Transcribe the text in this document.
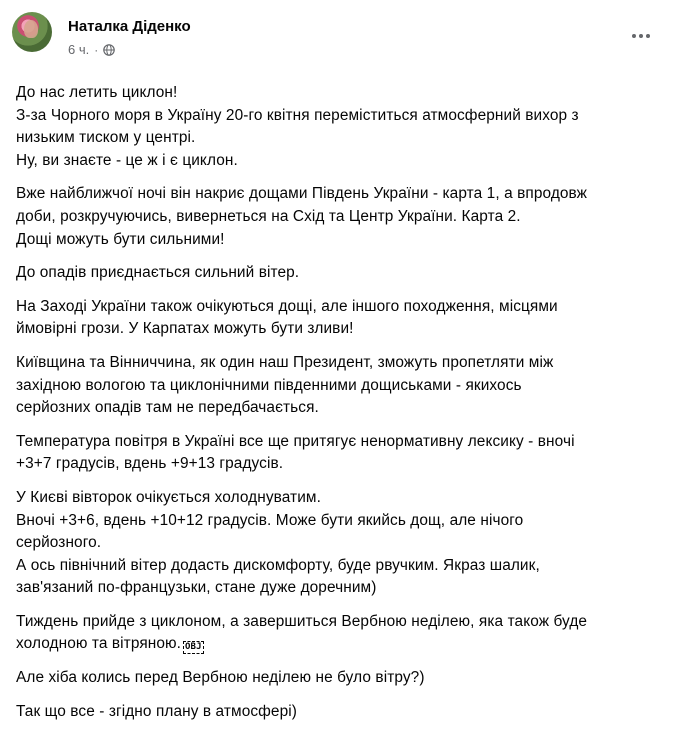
Наталка Діденко
6 ч. ·
До нас летить циклон!
З-за Чорного моря в Україну 20-го квітня переміститься атмосферний вихор з
низьким тиском у центрі.
Ну, ви знаєте - це ж і є циклон.
Вже найближчої ночі він накриє дощами Південь України - карта 1, а впродовж
доби, розкручуючись, вивернеться на Схід та Центр України. Карта 2.
Дощі можуть бути сильними!
До опадів приєднається сильний вітер.
На Заході України також очікуються дощі, але іншого походження, місцями
ймовірні грози. У Карпатах можуть бути зливи!
Київщина та Вінниччина, як один наш Президент, зможуть пропетляти між
західною вологою та циклонічними південними дощиськами - якихось
серйозних опадів там не передбачається.
Температура повітря в Україні все ще притягує ненормативну лексику - вночі
+3+7 градусів, вдень +9+13 градусів.
У Києві вівторок очікується холоднуватим.
Вночі +3+6, вдень +10+12 градусів. Може бути якийсь дощ, але нічого
серйозного.
А ось північний вітер додасть дискомфорту, буде рвучким. Якраз шалик,
зав'язаний по-французьки, стане дуже доречним)
Тиждень прийде з циклоном, а завершиться Вербною неділею, яка також буде
холодною та вітряною. OBJ
Але хіба колись перед Вербною неділею не було вітру?)
Так що все - згідно плану в атмосфері)
